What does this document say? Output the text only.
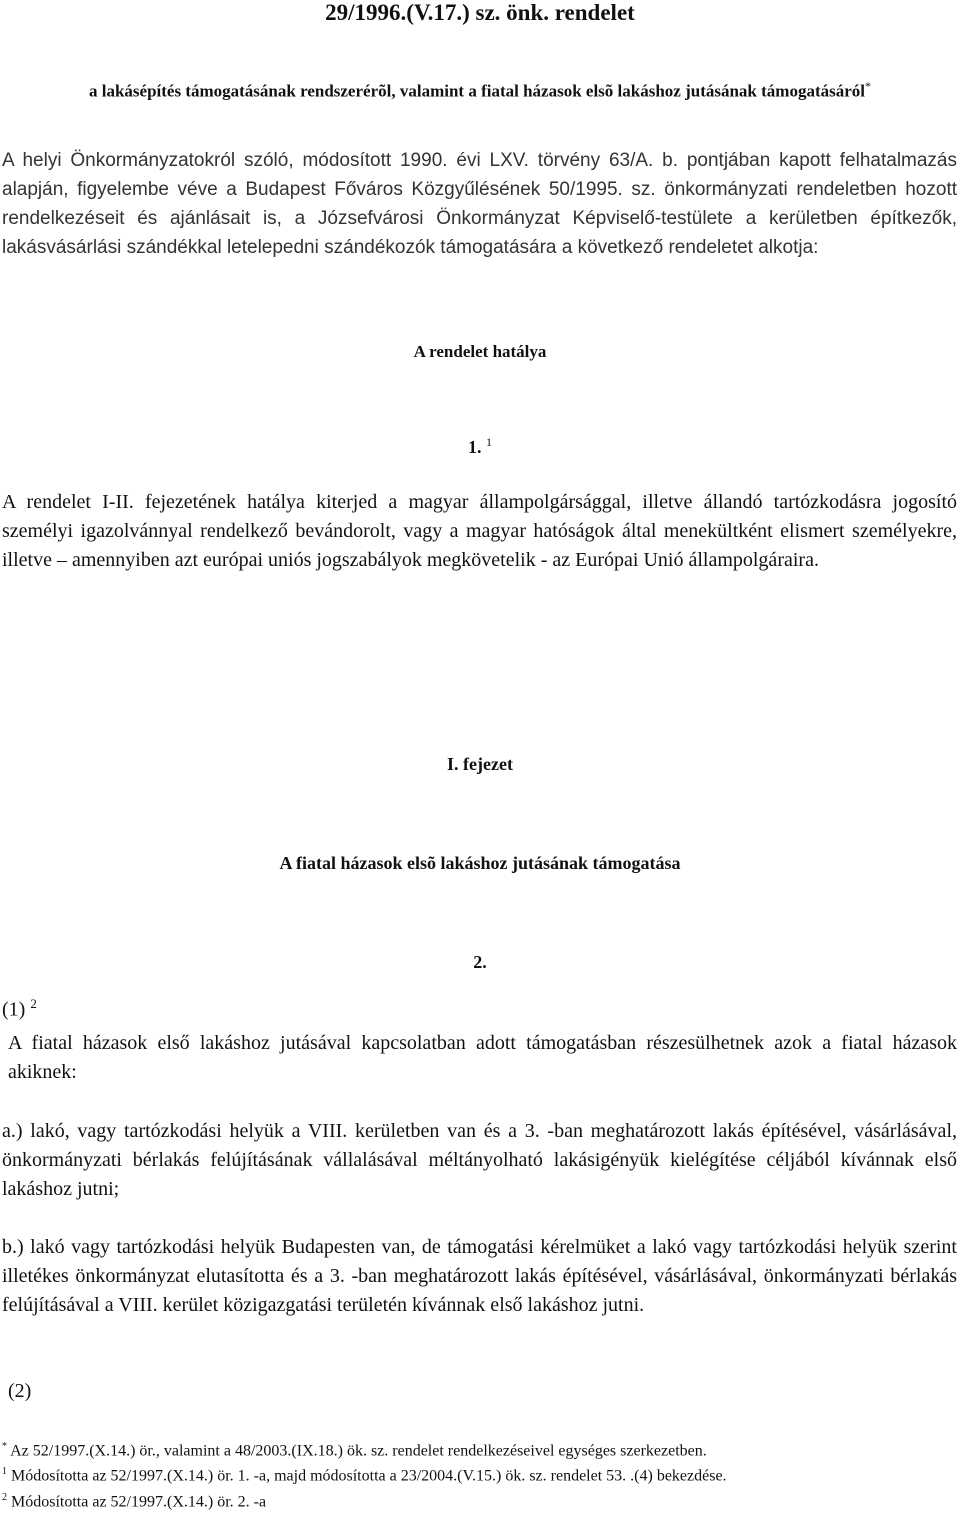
29/1996.(V.17.) sz. önk. rendelet
a lakásépítés támogatásának rendszerérõl, valamint a fiatal házasok elsõ lakáshoz jutásának támogatásáról*
A helyi Önkormányzatokról szóló, módosított 1990. évi LXV. törvény 63/A. b. pontjában kapott felhatalmazás alapján, figyelembe véve a Budapest Főváros Közgyűlésének 50/1995. sz. önkormányzati rendeletben hozott rendelkezéseit és ajánlásait is, a Józsefvárosi Önkormányzat Képviselő-testülete a kerületben építkezők, lakásvásárlási szándékkal letelepedni szándékozók támogatására a következő rendeletet alkotja:
A rendelet hatálya
1. $^1$
A rendelet I-II. fejezetének hatálya kiterjed a magyar állampolgársággal, illetve állandó tartózkodásra jogosító személyi igazolvánnyal rendelkező bevándorolt, vagy a magyar hatóságok által menekültként elismert személyekre, illetve – amennyiben azt európai uniós jogszabályok megkövetelik - az Európai Unió állampolgáraira.
I. fejezet
A fiatal házasok elsõ lakáshoz jutásának támogatása
2.
(1) $^2$
A fiatal házasok első lakáshoz jutásával kapcsolatban adott támogatásban részesülhetnek azok a fiatal házasok akiknek:
a.) lakó, vagy tartózkodási helyük a VIII. kerületben van és a 3. -ban meghatározott lakás építésével, vásárlásával, önkormányzati bérlakás felújításának vállalásával méltányolható lakásigényük kielégítése céljából kívánnak első lakáshoz jutni;
b.) lakó vagy tartózkodási helyük Budapesten van, de támogatási kérelmüket a lakó vagy tartózkodási helyük szerint illetékes önkormányzat elutasította és a 3. -ban meghatározott lakás építésével, vásárlásával, önkormányzati bérlakás felújításával a VIII. kerület közigazgatási területén kívánnak első lakáshoz jutni.
(2)

* Az 52/1997.(X.14.) ör., valamint a 48/2003.(IX.18.) ök. sz. rendelet rendelkezéseivel egységes szerkezetben.

$^1$ Módosította az 52/1997.(X.14.) ör. 1. -a, majd módosította a 23/2004.(V.15.) ök. sz. rendelet 53. .(4) bekezdése.

$^2$ Módosította az 52/1997.(X.14.) ör. 2. -a
